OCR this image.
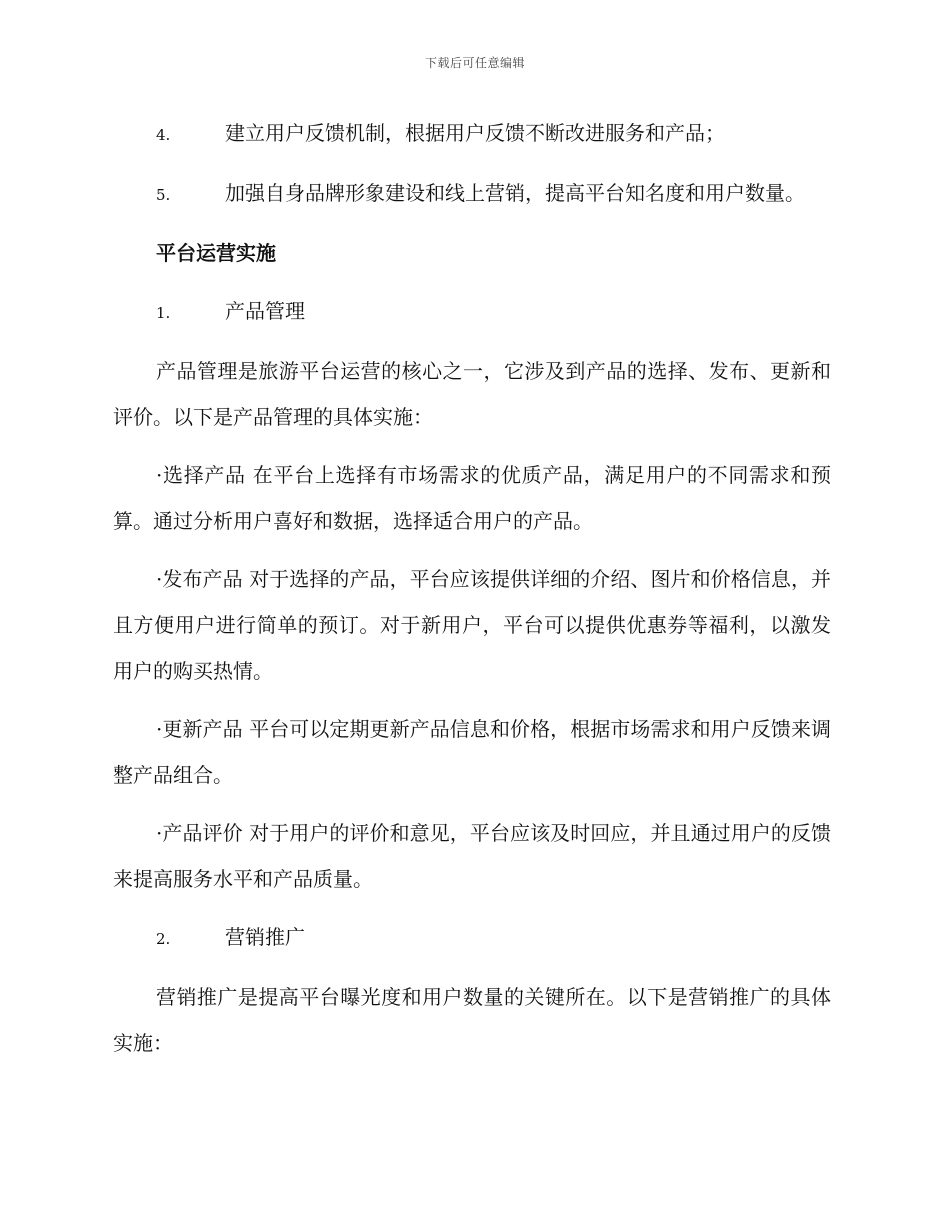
下载后可任意编辑

4.	建立用户反馈机制，根据用户反馈不断改进服务和产品；

5.	加强自身品牌形象建设和线上营销，提高平台知名度和用户数量。

平台运营实施

1.	产品管理

产品管理是旅游平台运营的核心之一，它涉及到产品的选择、发布、更新和评价。以下是产品管理的具体实施：

·选择产品 在平台上选择有市场需求的优质产品，满足用户的不同需求和预算。通过分析用户喜好和数据，选择适合用户的产品。

·发布产品 对于选择的产品，平台应该提供详细的介绍、图片和价格信息，并且方便用户进行简单的预订。对于新用户，平台可以提供优惠券等福利，以激发用户的购买热情。

·更新产品 平台可以定期更新产品信息和价格，根据市场需求和用户反馈来调整产品组合。

·产品评价 对于用户的评价和意见，平台应该及时回应，并且通过用户的反馈来提高服务水平和产品质量。

2.	营销推广

营销推广是提高平台曝光度和用户数量的关键所在。以下是营销推广的具体实施：
